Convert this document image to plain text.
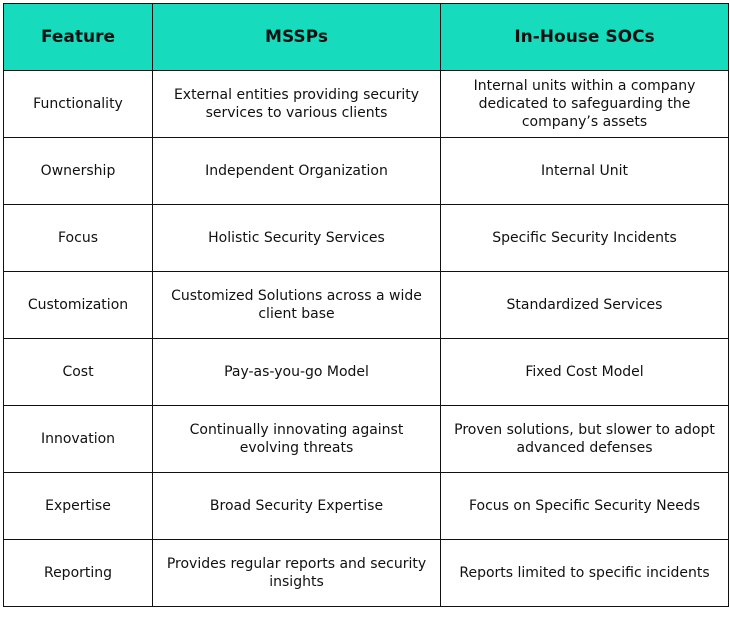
Feature	MSSPs	In-House SOCs
Functionality	External entities providing security services to various clients	Internal units within a company dedicated to safeguarding the company’s assets
Ownership	Independent Organization	Internal Unit
Focus	Holistic Security Services	Specific Security Incidents
Customization	Customized Solutions across a wide client base	Standardized Services
Cost	Pay-as-you-go Model	Fixed Cost Model
Innovation	Continually innovating against evolving threats	Proven solutions, but slower to adopt advanced defenses
Expertise	Broad Security Expertise	Focus on Specific Security Needs
Reporting	Provides regular reports and security insights	Reports limited to specific incidents
